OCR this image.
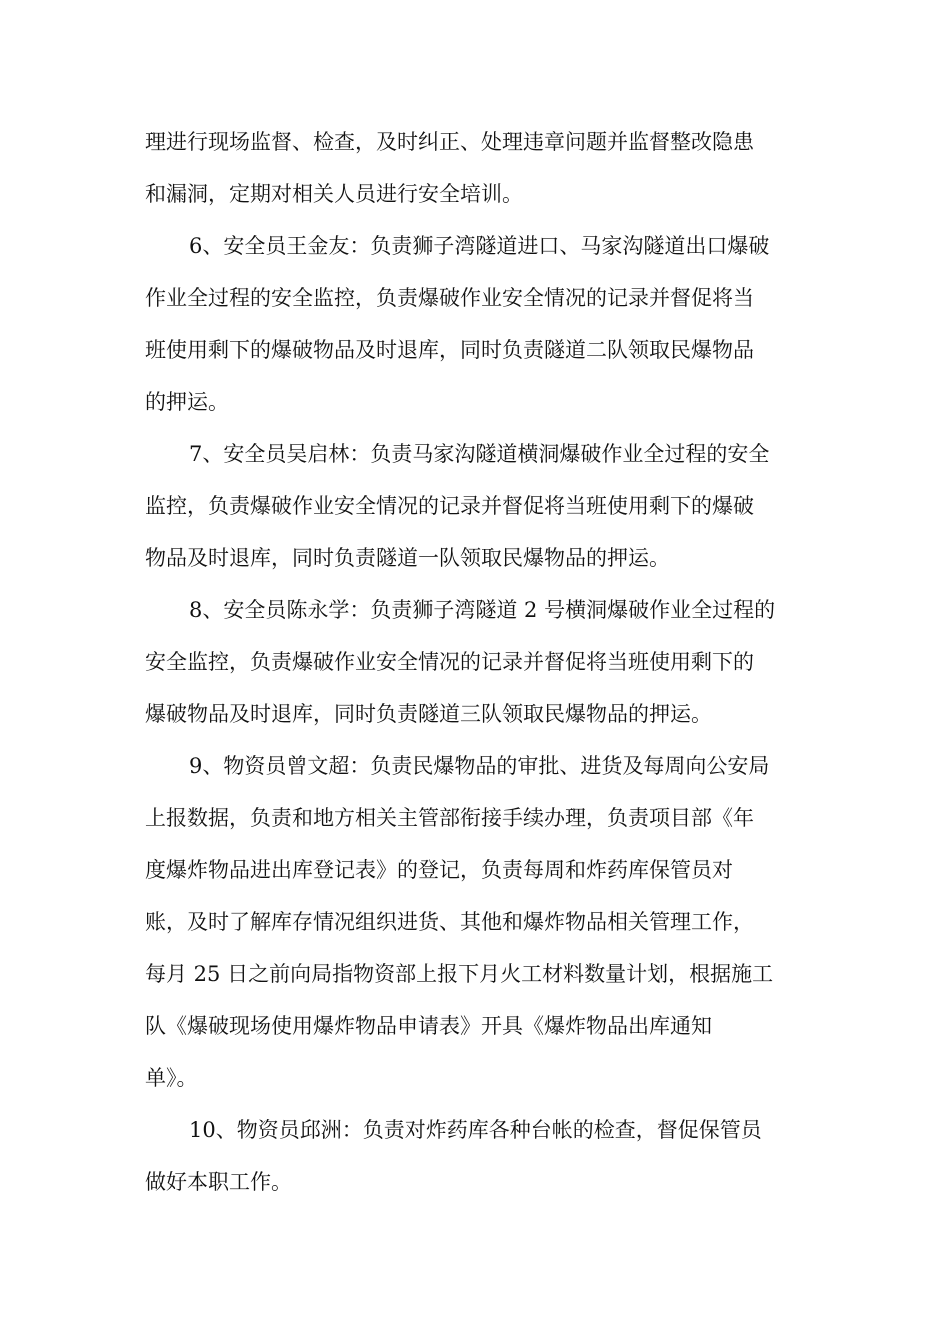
理进行现场监督、检查，及时纠正、处理违章问题并监督整改隐患
和漏洞，定期对相关人员进行安全培训。
6、安全员王金友：负责狮子湾隧道进口、马家沟隧道出口爆破
作业全过程的安全监控，负责爆破作业安全情况的记录并督促将当
班使用剩下的爆破物品及时退库，同时负责隧道二队领取民爆物品
的押运。
7、安全员吴启林：负责马家沟隧道横洞爆破作业全过程的安全
监控，负责爆破作业安全情况的记录并督促将当班使用剩下的爆破
物品及时退库，同时负责隧道一队领取民爆物品的押运。
8、安全员陈永学：负责狮子湾隧道 2 号横洞爆破作业全过程的
安全监控，负责爆破作业安全情况的记录并督促将当班使用剩下的
爆破物品及时退库，同时负责隧道三队领取民爆物品的押运。
9、物资员曾文超：负责民爆物品的审批、进货及每周向公安局
上报数据，负责和地方相关主管部衔接手续办理，负责项目部《年
度爆炸物品进出库登记表》的登记，负责每周和炸药库保管员对
账，及时了解库存情况组织进货、其他和爆炸物品相关管理工作，
每月 25 日之前向局指物资部上报下月火工材料数量计划，根据施工
队《爆破现场使用爆炸物品申请表》开具《爆炸物品出库通知
单》。
10、物资员邱洲：负责对炸药库各种台帐的检查，督促保管员
做好本职工作。
